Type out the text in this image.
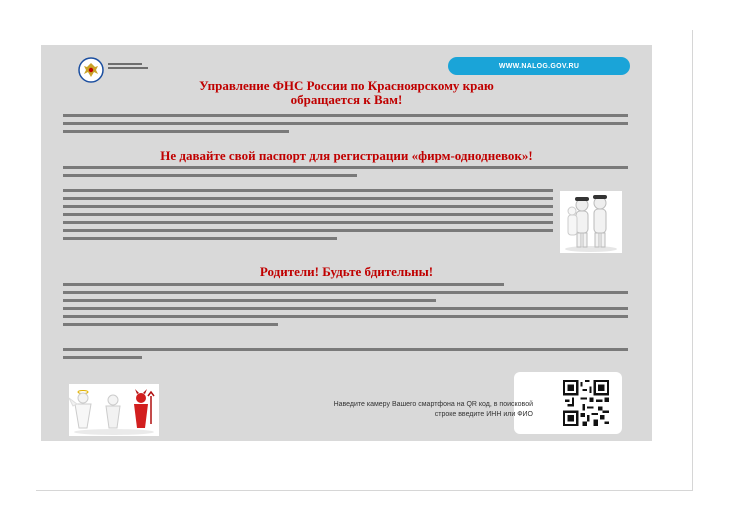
WWW.NALOG.GOV.RU
Управление ФНС России по Красноярскому краю
обращается к Вам!
Не давайте свой паспорт для регистрации «фирм-однодневок»!
Родители! Будьте бдительны!
Наведите камеру Вашего смартфона на QR код, в поисковой строке введите ИНН или ФИО
